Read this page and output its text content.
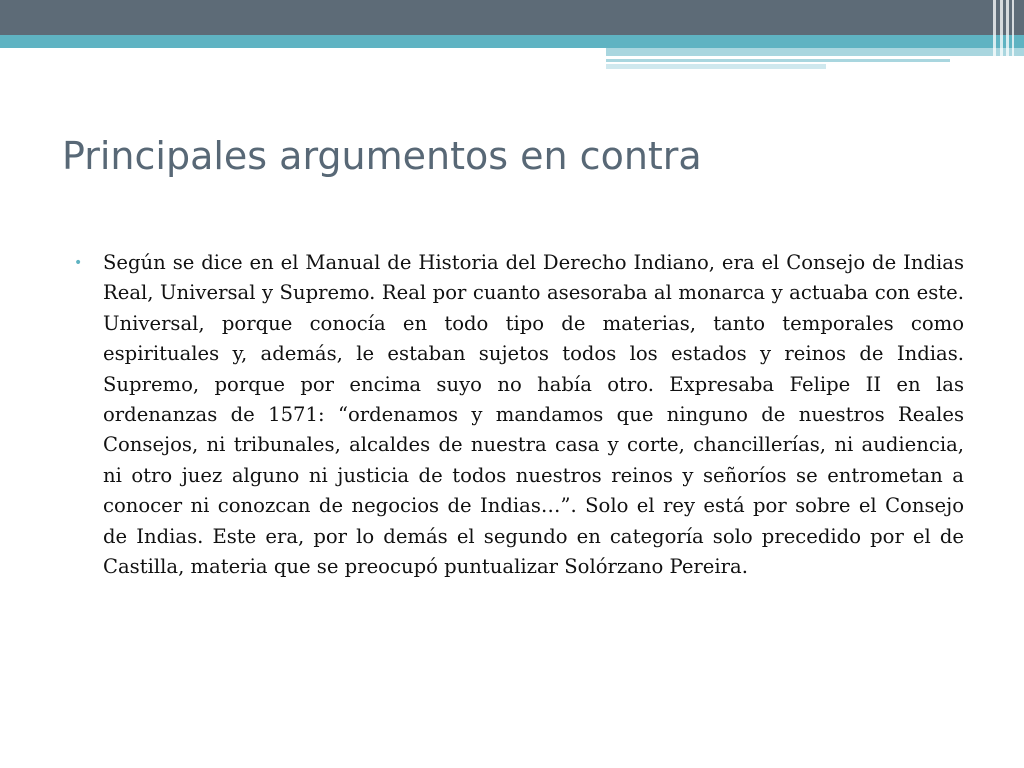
Principales argumentos en contra
• Según se dice en el Manual de Historia del Derecho Indiano, era el Consejo de Indias Real, Universal y Supremo. Real por cuanto asesoraba al monarca y actuaba con este. Universal, porque conocía en todo tipo de materias, tanto temporales como espirituales y, además, le estaban sujetos todos los estados y reinos de Indias. Supremo, porque por encima suyo no había otro. Expresaba Felipe II en las ordenanzas de 1571: “ordenamos y mandamos que ninguno de nuestros Reales Consejos, ni tribunales, alcaldes de nuestra casa y corte, chancillerías, ni audiencia, ni otro juez alguno ni justicia de todos nuestros reinos y señoríos se entrometan a conocer ni conozcan de negocios de Indias…”. Solo el rey está por sobre el Consejo de Indias. Este era, por lo demás el segundo en categoría solo precedido por el de Castilla, materia que se preocupó puntualizar Solórzano Pereira.
